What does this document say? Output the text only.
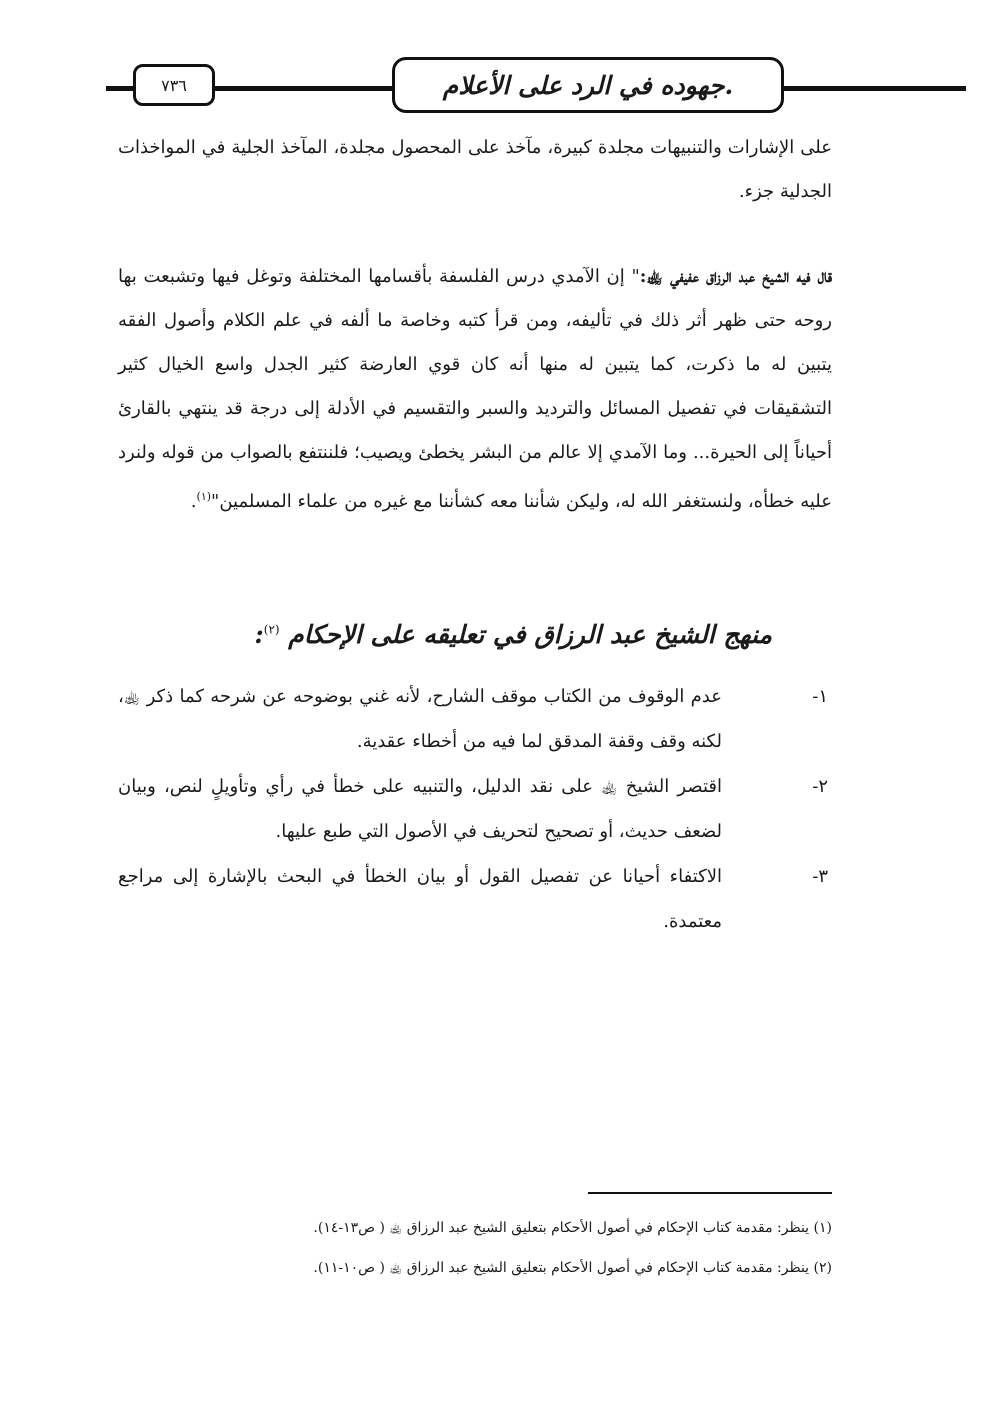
٧٣٦	جهوده في الرد على الأعلام.
على الإشارات والتنبيهات مجلدة كبيرة، مآخذ على المحصول مجلدة، المآخذ الجلية في المواخذات الجدلية جزء.
قال فيه الشيخ عبد الرزاق عفيفي ﵀:" إن الآمدي درس الفلسفة بأقسامها المختلفة وتوغل فيها وتشبعت بها روحه حتى ظهر أثر ذلك في تأليفه، ومن قرأ كتبه وخاصة ما ألفه في علم الكلام وأصول الفقه يتبين له ما ذكرت، كما يتبين له منها أنه كان قوي العارضة كثير الجدل واسع الخيال كثير التشقيقات في تفصيل المسائل والترديد والسبر والتقسيم في الأدلة إلى درجة قد ينتهي بالقارئ أحياناً إلى الحيرة... وما الآمدي إلا عالم من البشر يخطئ ويصيب؛ فلننتفع بالصواب من قوله ولنرد عليه خطأه، ولنستغفر الله له، وليكن شأننا معه كشأننا مع غيره من علماء المسلمين"$^{(١)}$.
منهج الشيخ عبد الرزاق في تعليقه على الإحكام $^{(٢)}$:
١-
عدم الوقوف من الكتاب موقف الشارح، لأنه غني بوضوحه عن شرحه كما ذكر ﵀، لكنه وقف وقفة المدقق لما فيه من أخطاء عقدية.
٢-
اقتصر الشيخ ﵀ على نقد الدليل، والتنبيه على خطأ في رأي وتأويلٍ لنص، وبيان لضعف حديث، أو تصحيح لتحريف في الأصول التي طبع عليها.
٣-
الاكتفاء أحيانا عن تفصيل القول أو بيان الخطأ في البحث بالإشارة إلى مراجع معتمدة.
(١) ينظر: مقدمة كتاب الإحكام في أصول الأحكام بتعليق الشيخ عبد الرزاق ﵀ ( ص١٣-١٤).
(٢) ينظر: مقدمة كتاب الإحكام في أصول الأحكام بتعليق الشيخ عبد الرزاق ﵀ ( ص١٠-١١).
